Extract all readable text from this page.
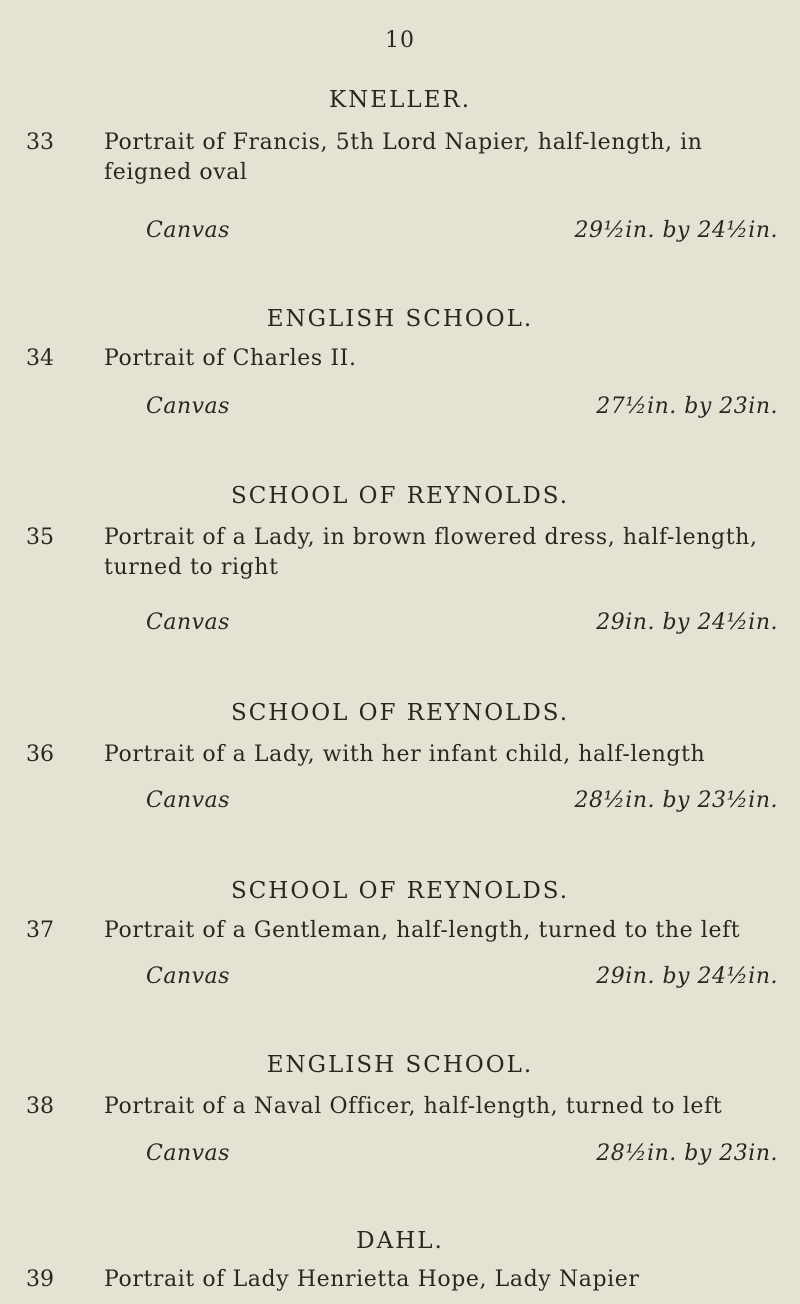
10
KNELLER.
33 Portrait of Francis, 5th Lord Napier, half-length, in feigned oval
Canvas	29½in. by 24½in.
ENGLISH SCHOOL.
34 Portrait of Charles II.
Canvas	27½in. by 23in.
SCHOOL OF REYNOLDS.
35 Portrait of a Lady, in brown flowered dress, half-length, turned to right
Canvas	29in. by 24½in.
SCHOOL OF REYNOLDS.
36 Portrait of a Lady, with her infant child, half-length
Canvas	28½in. by 23½in.
SCHOOL OF REYNOLDS.
37 Portrait of a Gentleman, half-length, turned to the left
Canvas	29in. by 24½in.
ENGLISH SCHOOL.
38 Portrait of a Naval Officer, half-length, turned to left
Canvas	28½in. by 23in.
DAHL.
39 Portrait of Lady Henrietta Hope, Lady Napier
